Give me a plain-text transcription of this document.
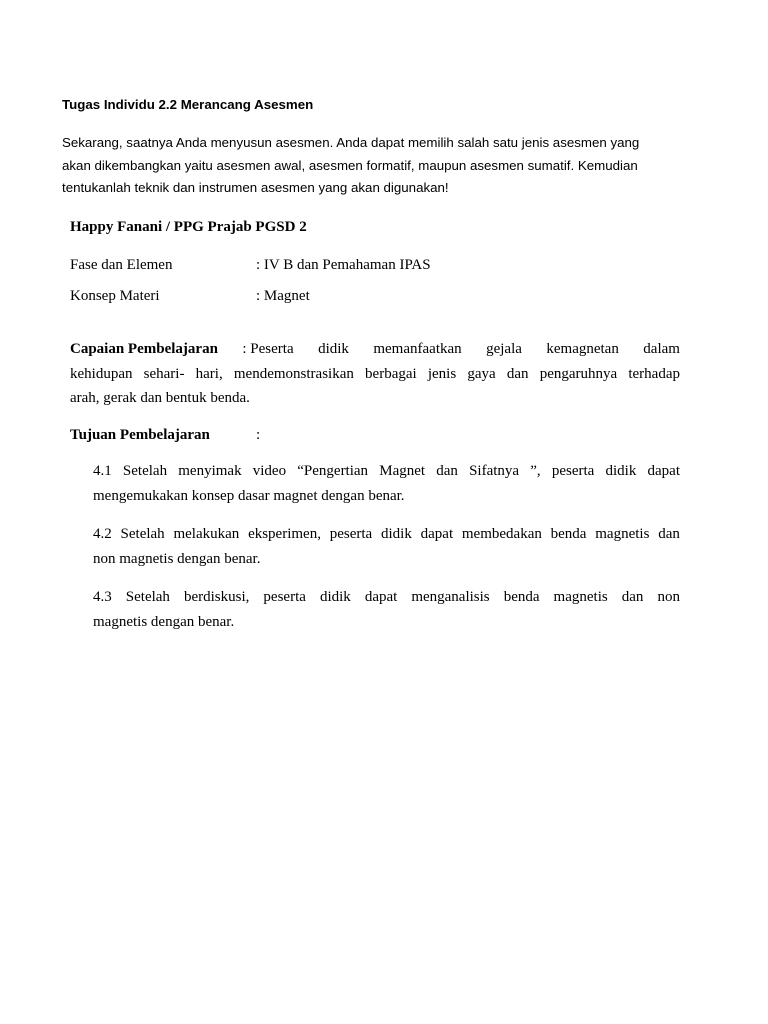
Tugas Individu 2.2 Merancang Asesmen
Sekarang, saatnya Anda menyusun asesmen. Anda dapat memilih salah satu jenis asesmen yang
akan dikembangkan yaitu asesmen awal, asesmen formatif, maupun asesmen sumatif. Kemudian
tentukanlah teknik dan instrumen asesmen yang akan digunakan!
Happy Fanani / PPG Prajab PGSD 2
Fase dan Elemen	: IV B dan Pemahaman IPAS
Konsep Materi	: Magnet
Capaian Pembelajaran : Peserta didik memanfaatkan gejala kemagnetan dalam
kehidupan sehari- hari, mendemonstrasikan berbagai jenis gaya dan pengaruhnya terhadap
arah, gerak dan bentuk benda.
Tujuan Pembelajaran	:
4.1 Setelah menyimak video “Pengertian Magnet dan Sifatnya ”, peserta didik dapat
mengemukakan konsep dasar magnet dengan benar.
4.2 Setelah melakukan eksperimen, peserta didik dapat membedakan benda magnetis dan
non magnetis dengan benar.
4.3 Setelah berdiskusi, peserta didik dapat menganalisis benda magnetis dan non
magnetis dengan benar.
